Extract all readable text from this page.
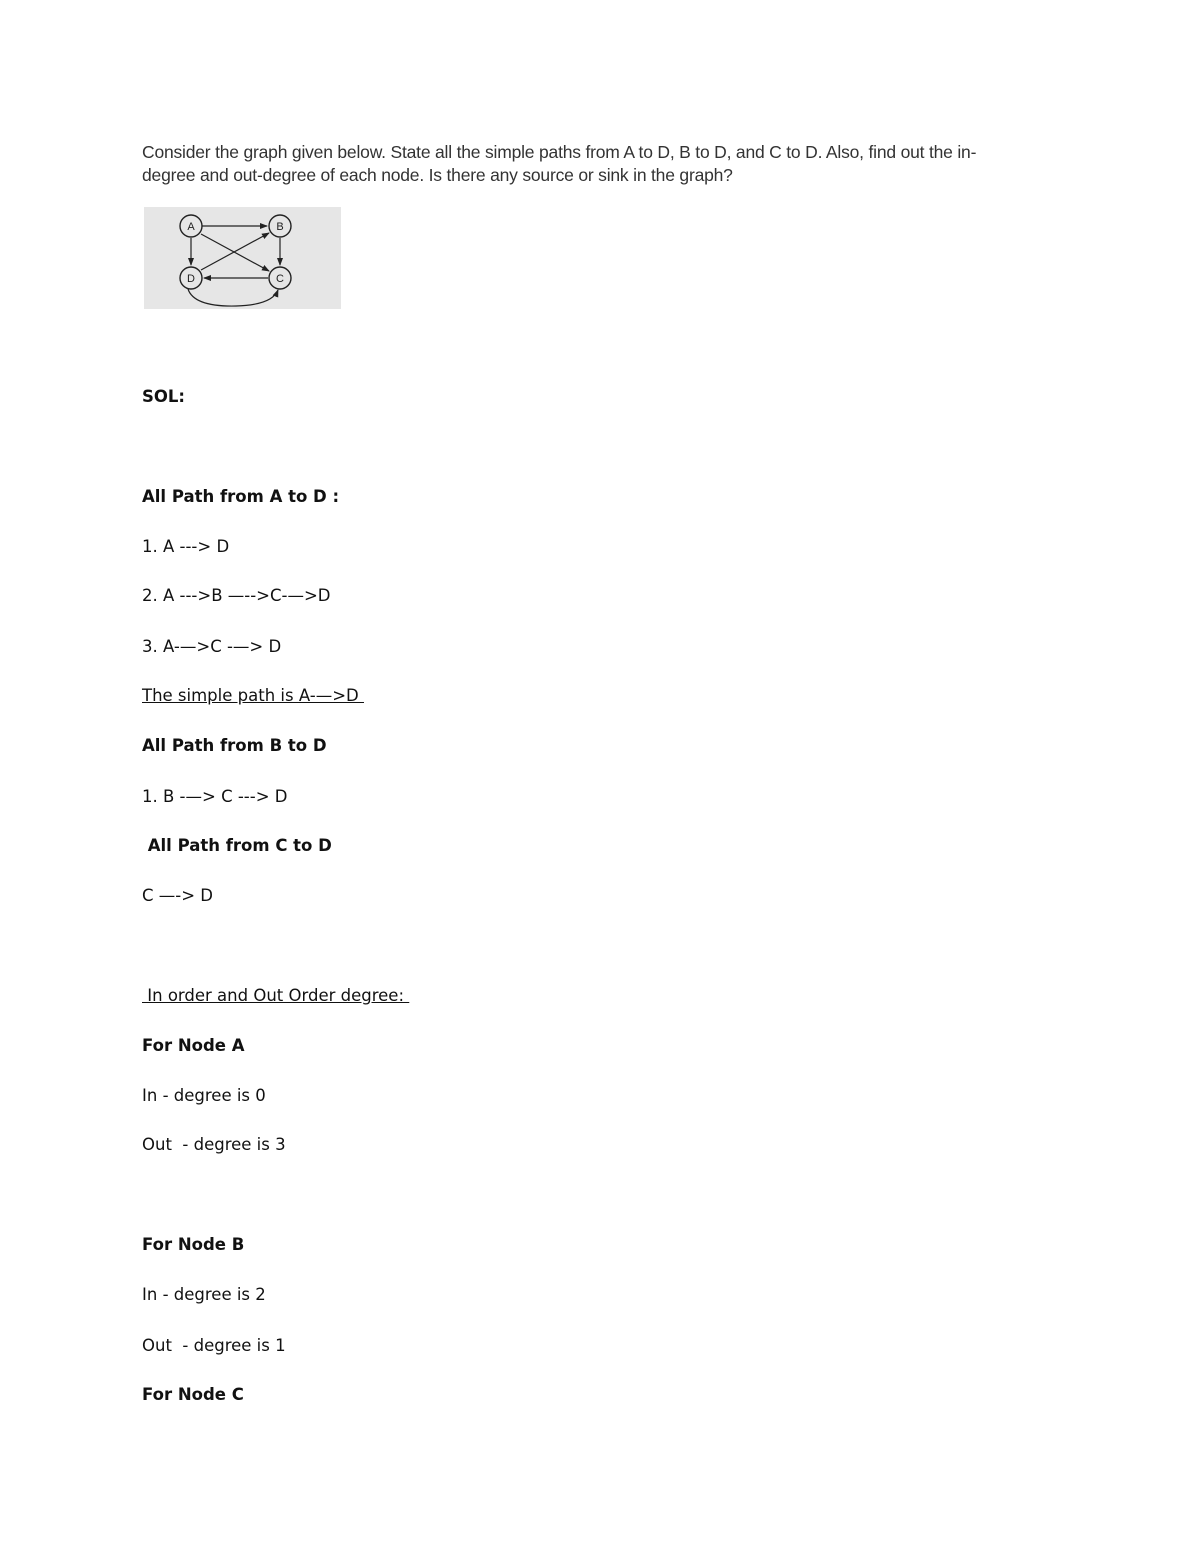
Consider the graph given below. State all the simple paths from A to D, B to D, and C to D. Also, find out the in-degree and out-degree of each node. Is there any source or sink in the graph?
A	B
C
D
SOL:
All Path from A to D :
1. A ---> D
2. A --->B —-->C-—>D
3. A-—>C -—> D
The simple path is A-—>D
All Path from B to D
1. B -—> C ---> D
All Path from C to D
C —-> D
In order and Out Order degree:
For Node A
In - degree is 0
Out  - degree is 3
For Node B
In - degree is 2
Out  - degree is 1
For Node C
